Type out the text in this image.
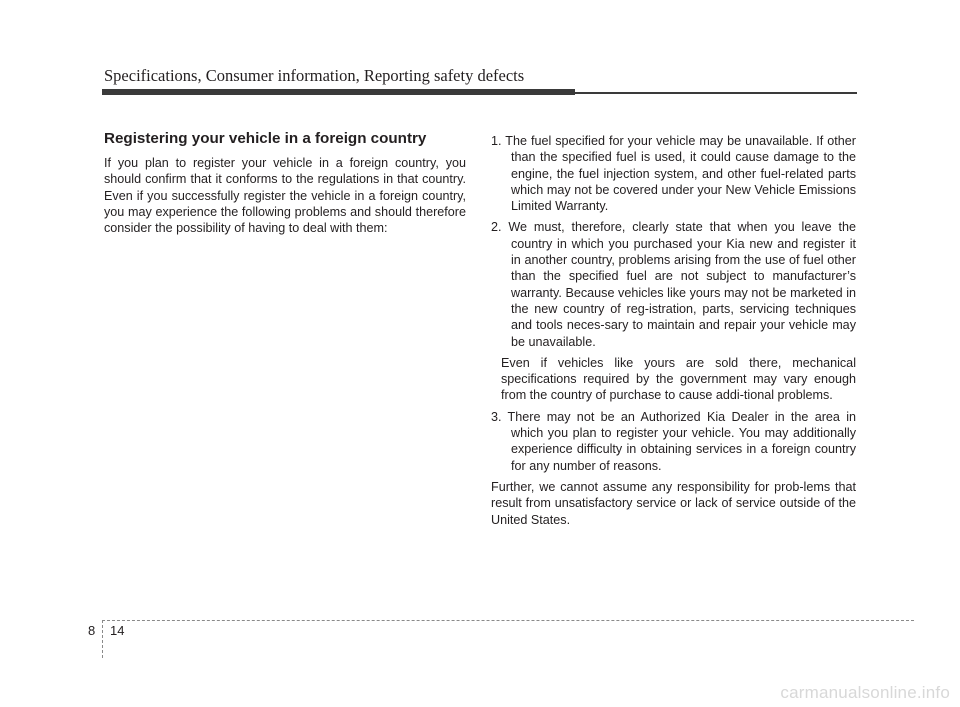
Specifications, Consumer information, Reporting safety defects
Registering your vehicle in a foreign country

If you plan to register your vehicle in a foreign country, you should confirm that it conforms to the regulations in that country. Even if you successfully register the vehicle in a foreign country, you may experience the following problems and should therefore consider the possibility of having to deal with them:

1. The fuel specified for your vehicle may be unavailable. If other than the specified fuel is used, it could cause damage to the engine, the fuel injection system, and other fuel-related parts which may not be covered under your New Vehicle Emissions Limited Warranty.

2. We must, therefore, clearly state that when you leave the country in which you purchased your Kia new and register it in another country, problems arising from the use of fuel other than the specified fuel are not subject to manufacturer’s warranty. Because vehicles like yours may not be marketed in the new country of reg-istration, parts, servicing techniques and tools neces-sary to maintain and repair your vehicle may be unavailable.

Even if vehicles like yours are sold there, mechanical specifications required by the government may vary enough from the country of purchase to cause addi-tional problems.

3. There may not be an Authorized Kia Dealer in the area in which you plan to register your vehicle. You may additionally experience difficulty in obtaining services in a foreign country for any number of reasons.

Further, we cannot assume any responsibility for prob-lems that result from unsatisfactory service or lack of service outside of the United States.

8 14
carmanualsonline.info
